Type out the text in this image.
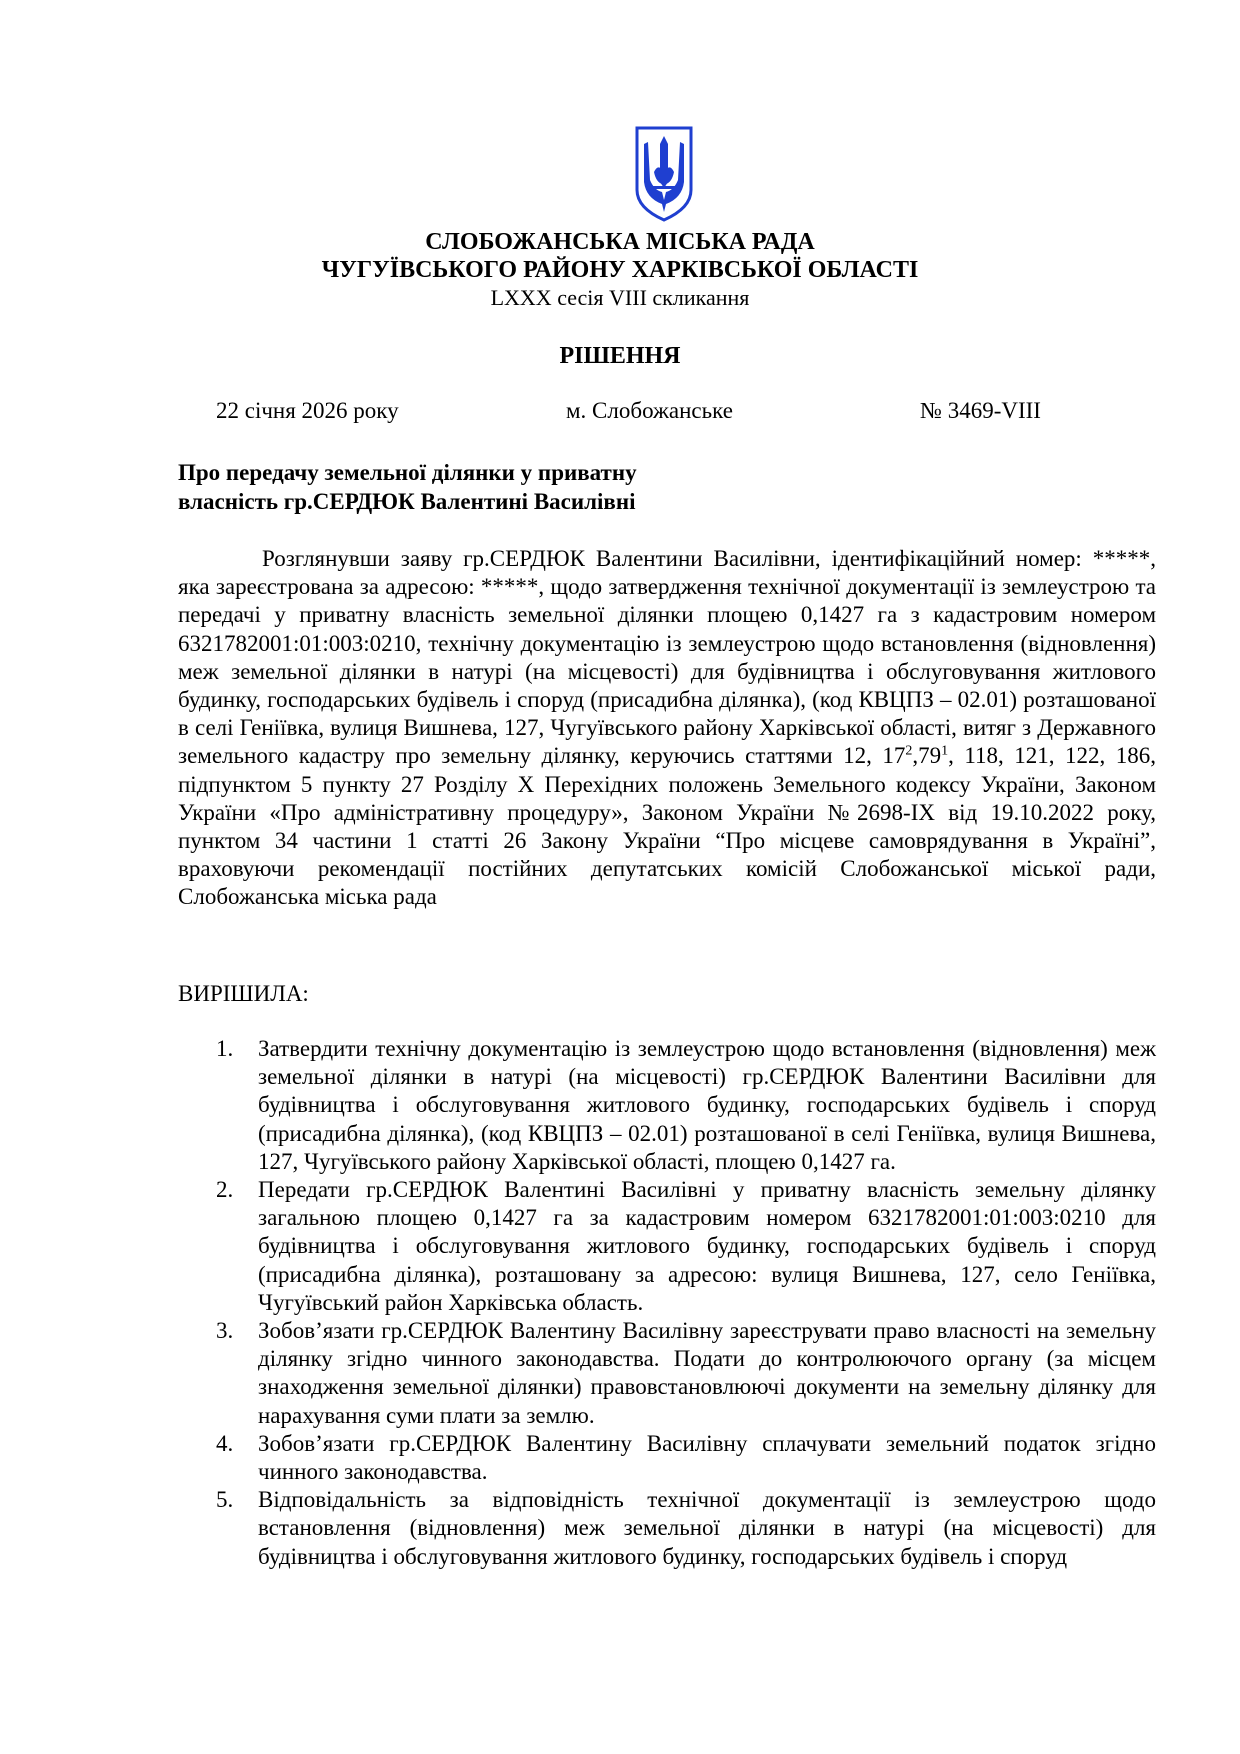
СЛОБОЖАНСЬКА МІСЬКА РАДА
ЧУГУЇВСЬКОГО РАЙОНУ ХАРКІВСЬКОЇ ОБЛАСТІ
LXXX сесія VIII скликання
РІШЕННЯ
22 січня 2026 року	м. Слобожанське	№ 3469-VIII
Про передачу земельної ділянки у приватну
власність гр.СЕРДЮК Валентині Василівні

Розглянувши заяву гр.СЕРДЮК Валентини Василівни, ідентифікаційний номер: *****, яка зареєстрована за адресою: *****, щодо затвердження технічної документації із землеустрою та передачі у приватну власність земельної ділянки площею 0,1427 га з кадастровим номером 6321782001:01:003:0210, технічну документацію із землеустрою щодо встановлення (відновлення) меж земельної ділянки в натурі (на місцевості) для будівництва і обслуговування житлового будинку, господарських будівель і споруд (присадибна ділянка), (код КВЦПЗ – 02.01) розташованої в селі Геніївка, вулиця Вишнева, 127, Чугуївського району Харківської області, витяг з Державного земельного кадастру про земельну ділянку, керуючись статтями 12, $17^2,79^1$, 118, 121, 122, 186, підпунктом 5 пункту 27 Розділу X Перехідних положень Земельного кодексу України, Законом України «Про адміністративну процедуру», Законом України №2698-IX від 19.10.2022 року, пунктом 34 частини 1 статті 26 Закону України “Про місцеве самоврядування в Україні”, враховуючи рекомендації постійних депутатських комісій Слобожанської міської ради, Слобожанська міська рада

ВИРІШИЛА:
1. Затвердити технічну документацію із землеустрою щодо встановлення (відновлення) меж земельної ділянки в натурі (на місцевості) гр.СЕРДЮК Валентини Василівни для будівництва і обслуговування житлового будинку, господарських будівель і споруд (присадибна ділянка), (код КВЦПЗ – 02.01) розташованої в селі Геніївка, вулиця Вишнева, 127, Чугуївського району Харківської області, площею 0,1427 га.
2. Передати гр.СЕРДЮК Валентині Василівні у приватну власність земельну ділянку загальною площею 0,1427 га за кадастровим номером 6321782001:01:003:0210 для будівництва і обслуговування житлового будинку, господарських будівель і споруд (присадибна ділянка), розташовану за адресою: вулиця Вишнева, 127, село Геніївка, Чугуївський район Харківська область.
3. Зобов’язати гр.СЕРДЮК Валентину Василівну зареєструвати право власності на земельну ділянку згідно чинного законодавства. Подати до контролюючого органу (за місцем знаходження земельної ділянки) правовстановлюючі документи на земельну ділянку для нарахування суми плати за землю.
4. Зобов’язати гр.СЕРДЮК Валентину Василівну сплачувати земельний податок згідно чинного законодавства.
5. Відповідальність за відповідність технічної документації із землеустрою щодо встановлення (відновлення) меж земельної ділянки в натурі (на місцевості) для будівництва і обслуговування житлового будинку, господарських будівель і споруд
